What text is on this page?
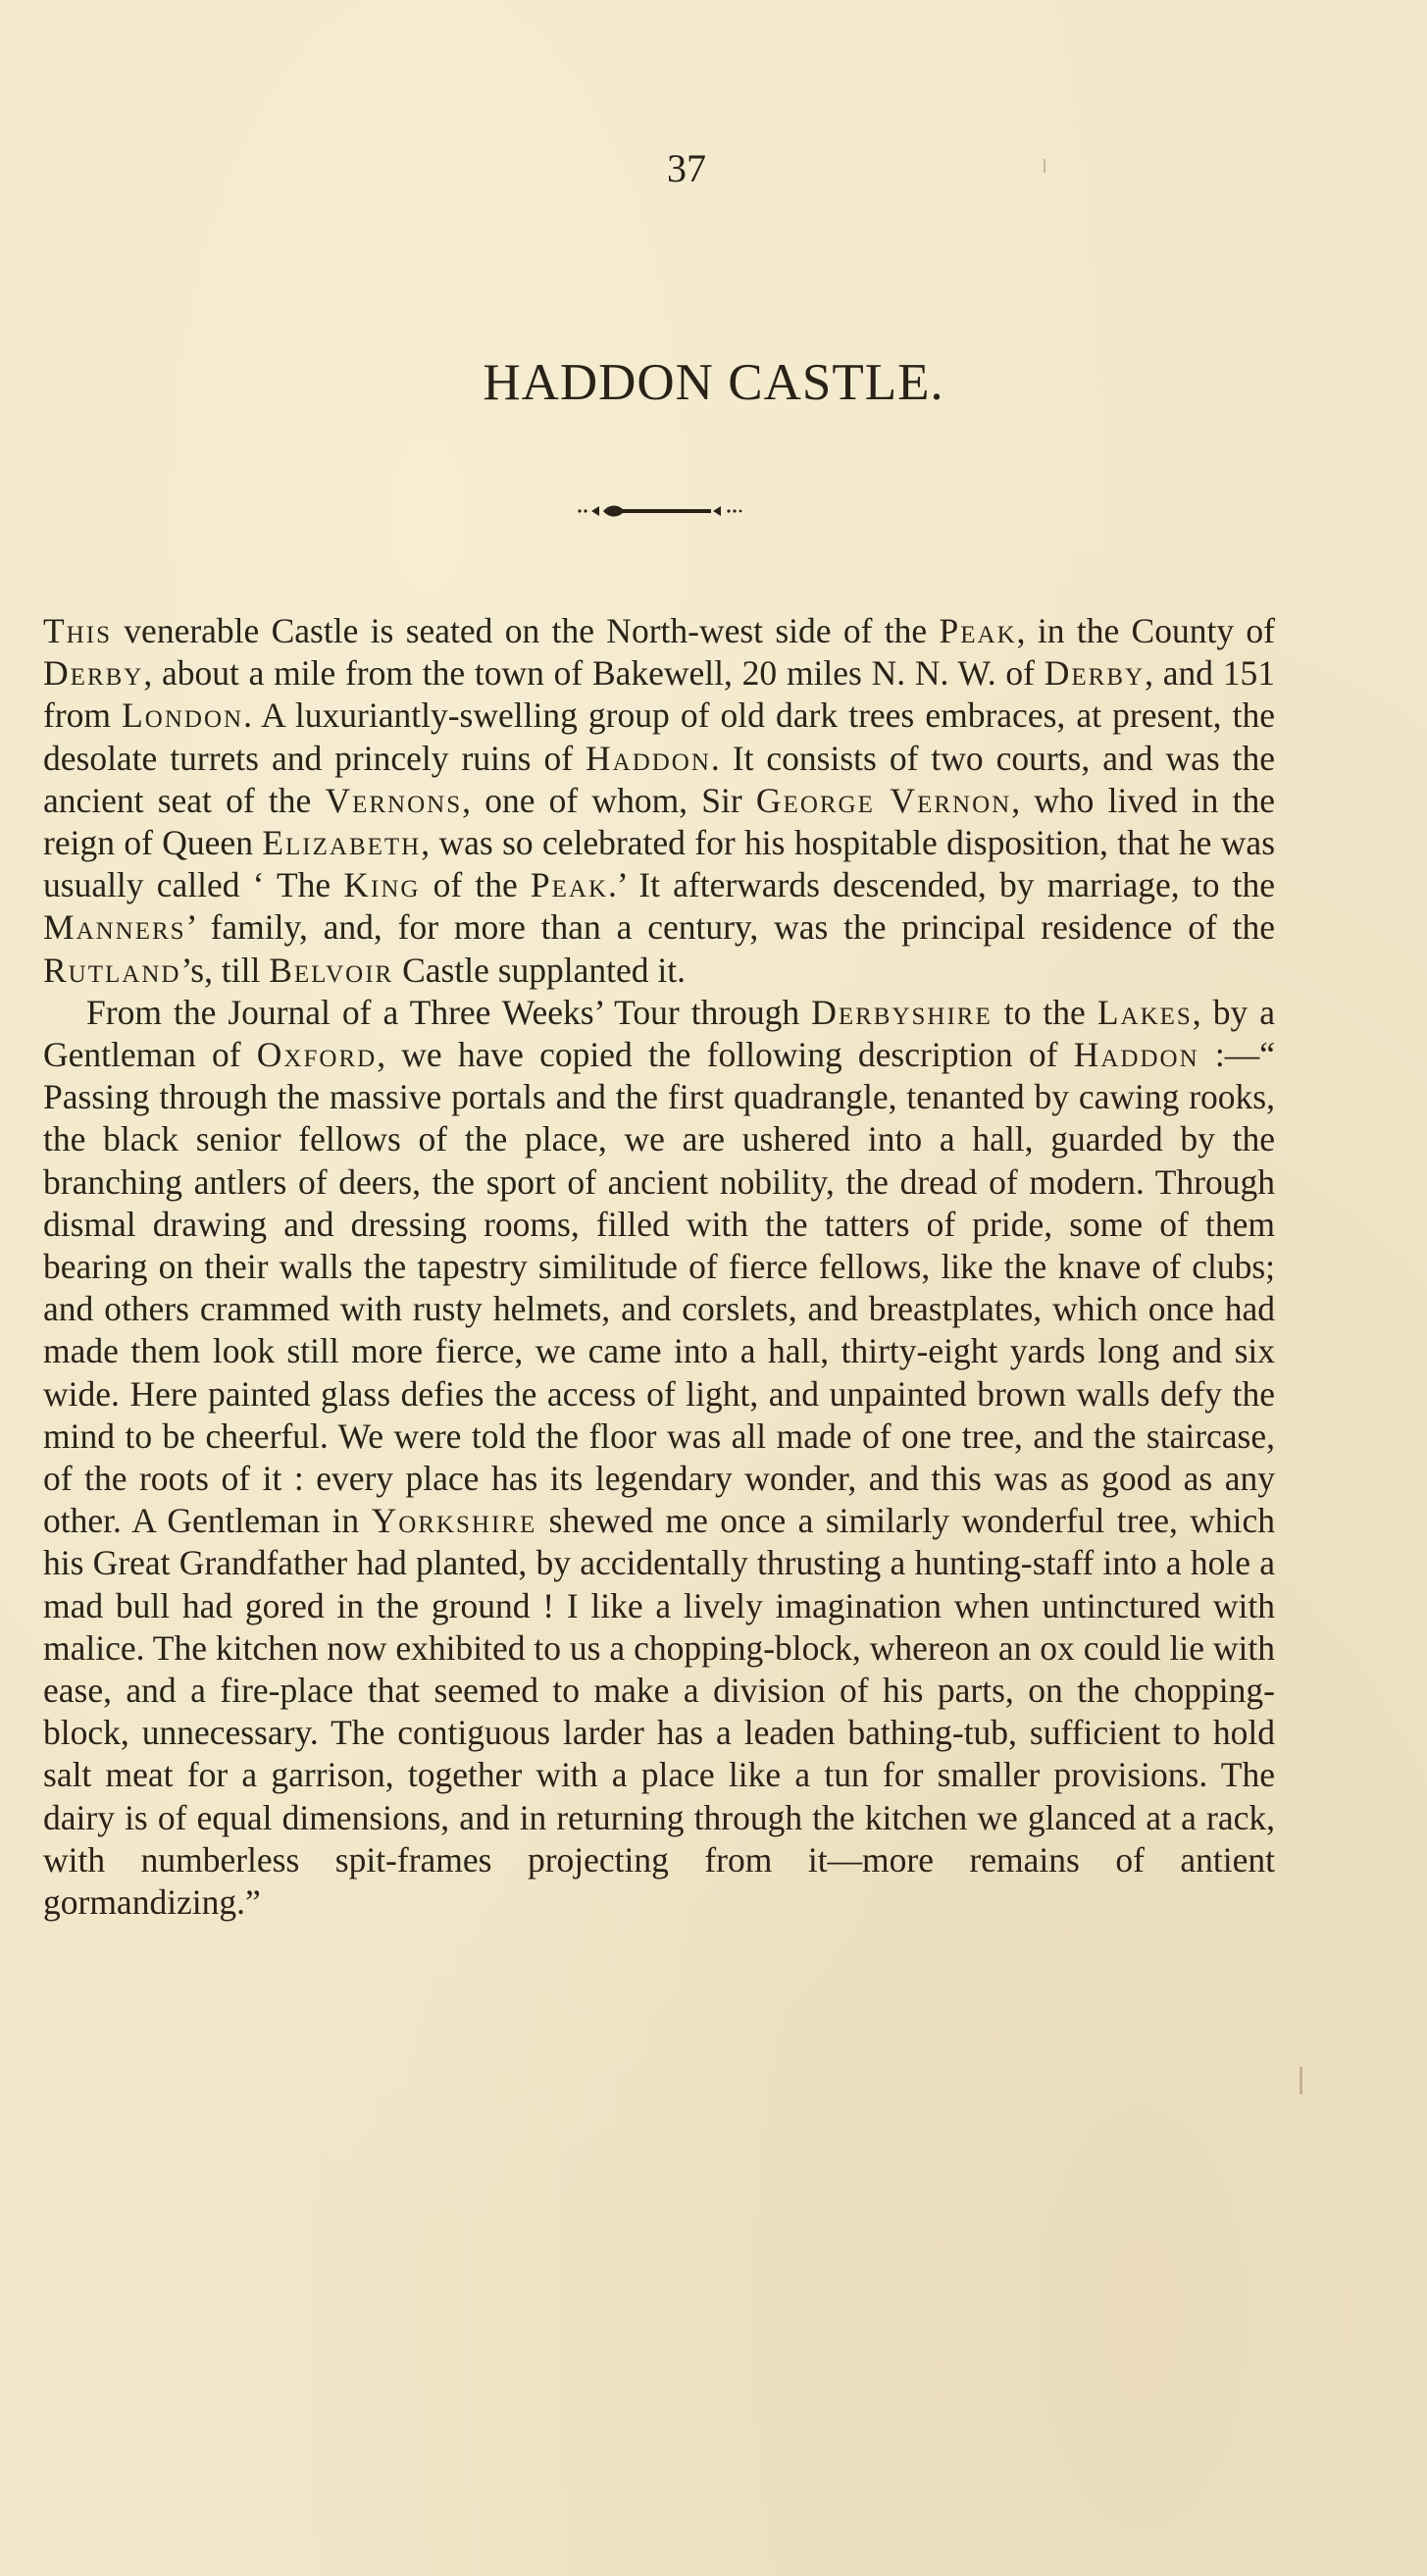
37
HADDON CASTLE.

This venerable Castle is seated on the North-west side of the Peak, in the County of Derby, about a mile from the town of Bakewell, 20 miles N. N. W. of Derby, and 151 from London. A luxuriantly-swelling group of old dark trees embraces, at present, the desolate turrets and princely ruins of Haddon. It consists of two courts, and was the ancient seat of the Vernons, one of whom, Sir George Vernon, who lived in the reign of Queen Elizabeth, was so celebrated for his hospitable disposition, that he was usually called ‘ The King of the Peak.’ It afterwards descended, by marriage, to the Manners’ family, and, for more than a century, was the principal residence of the Rutland’s, till Belvoir Castle supplanted it.

From the Journal of a Three Weeks’ Tour through Derbyshire to the Lakes, by a Gentleman of Oxford, we have copied the following description of Haddon :—“ Passing through the massive portals and the first quadrangle, tenanted by cawing rooks, the black senior fellows of the place, we are ushered into a hall, guarded by the branching antlers of deers, the sport of ancient nobility, the dread of modern. Through dismal drawing and dressing rooms, filled with the tatters of pride, some of them bearing on their walls the tapestry similitude of fierce fellows, like the knave of clubs; and others crammed with rusty helmets, and corslets, and breastplates, which once had made them look still more fierce, we came into a hall, thirty-eight yards long and six wide. Here painted glass defies the access of light, and unpainted brown walls defy the mind to be cheerful. We were told the floor was all made of one tree, and the staircase, of the roots of it : every place has its legendary wonder, and this was as good as any other. A Gentleman in Yorkshire shewed me once a similarly wonderful tree, which his Great Grandfather had planted, by accidentally thrusting a hunting-staff into a hole a mad bull had gored in the ground ! I like a lively imagination when untinctured with malice. The kitchen now exhibited to us a chopping-block, whereon an ox could lie with ease, and a fire-place that seemed to make a division of his parts, on the chopping-block, unnecessary. The contiguous larder has a leaden bathing-tub, sufficient to hold salt meat for a garrison, together with a place like a tun for smaller provisions. The dairy is of equal dimensions, and in returning through the kitchen we glanced at a rack, with numberless spit-frames projecting from it—more remains of antient gormandizing.”
